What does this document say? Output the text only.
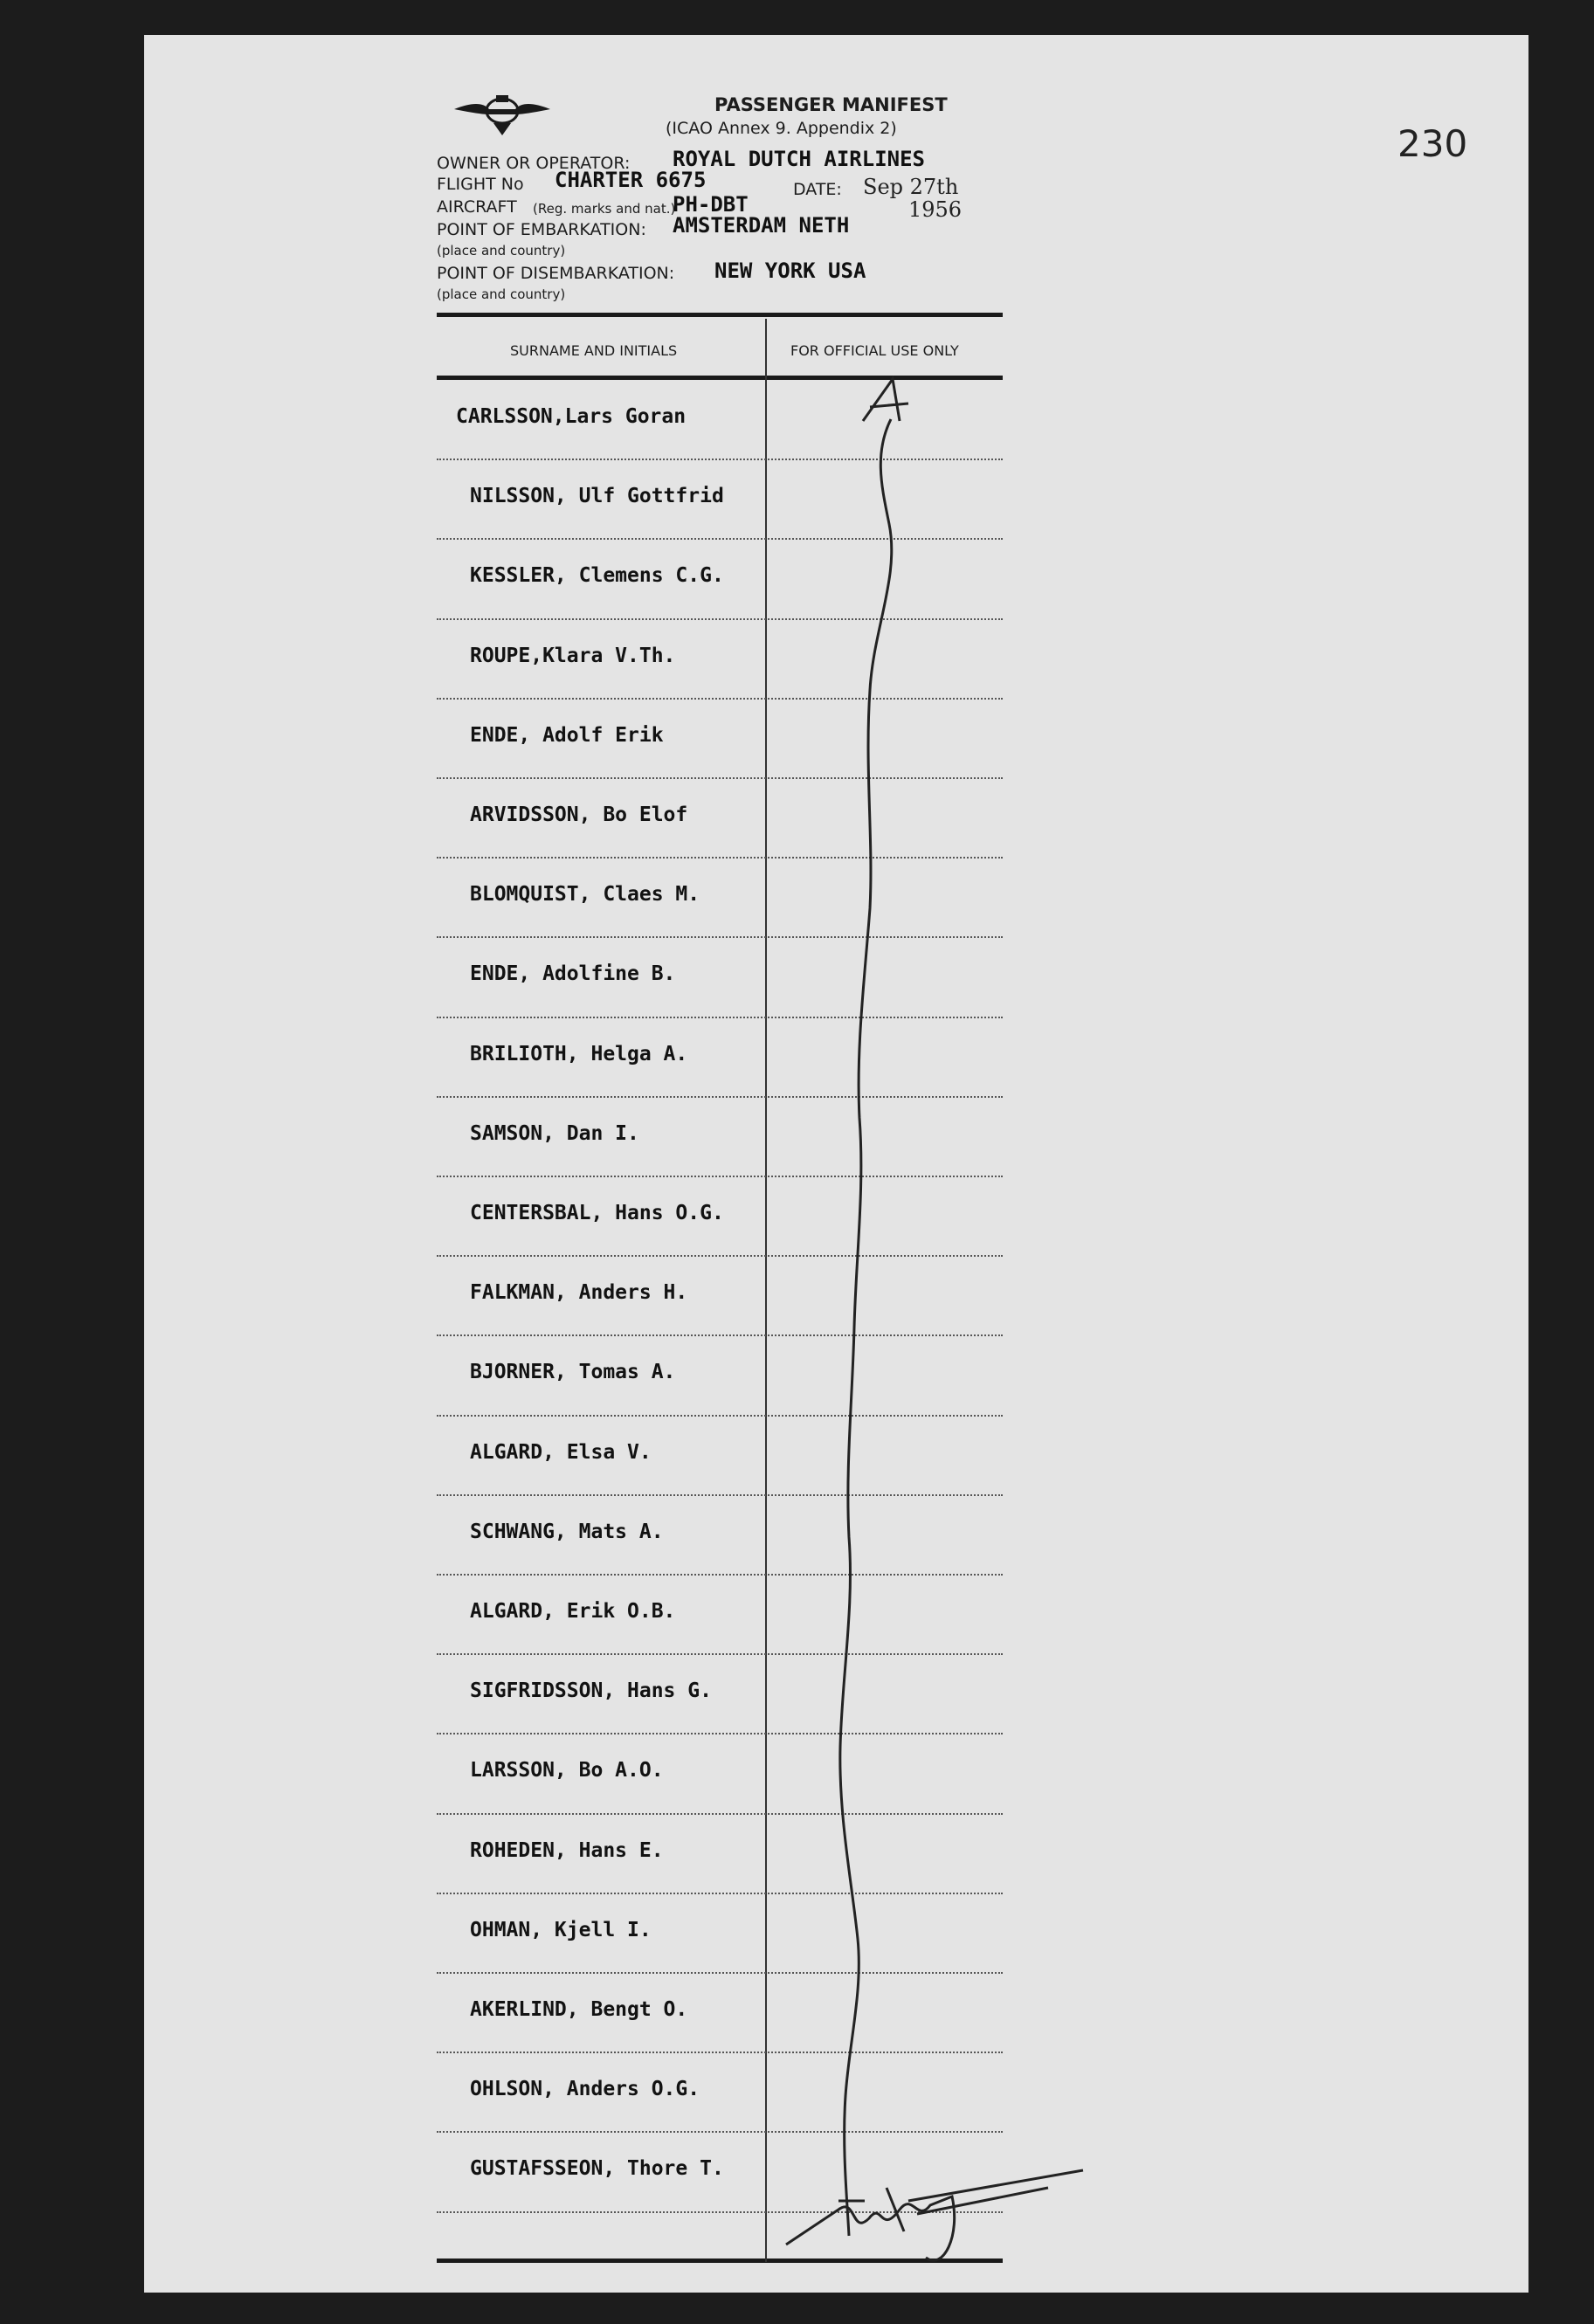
230
PASSENGER MANIFEST
(ICAO Annex 9. Appendix 2)
OWNER OR OPERATOR: ROYAL DUTCH AIRLINES
FLIGHT No CHARTER 6675	DATE: Sep 27th
1956
AIRCRAFT (Reg. marks and nat.)
PH-DBT
POINT OF EMBARKATION: AMSTERDAM NETH
(place and country)
POINT OF DISEMBARKATION: NEW YORK USA
(place and country)
SURNAME AND INITIALS	FOR OFFICIAL USE ONLY
CARLSSON,Lars Goran
NILSSON, Ulf Gottfrid
KESSLER, Clemens C.G.
ROUPE,Klara V.Th.
ENDE, Adolf Erik
ARVIDSSON, Bo Elof
BLOMQUIST, Claes M.
ENDE, Adolfine B.
BRILIOTH, Helga A.
SAMSON, Dan I.
CENTERSBAL, Hans O.G.
FALKMAN, Anders H.
BJORNER, Tomas A.
ALGARD, Elsa V.
SCHWANG, Mats A.
ALGARD, Erik O.B.
SIGFRIDSSON, Hans G.
LARSSON, Bo A.O.
ROHEDEN, Hans E.
OHMAN, Kjell I.
AKERLIND, Bengt O.
OHLSON, Anders O.G.
GUSTAFSSEON, Thore T.
